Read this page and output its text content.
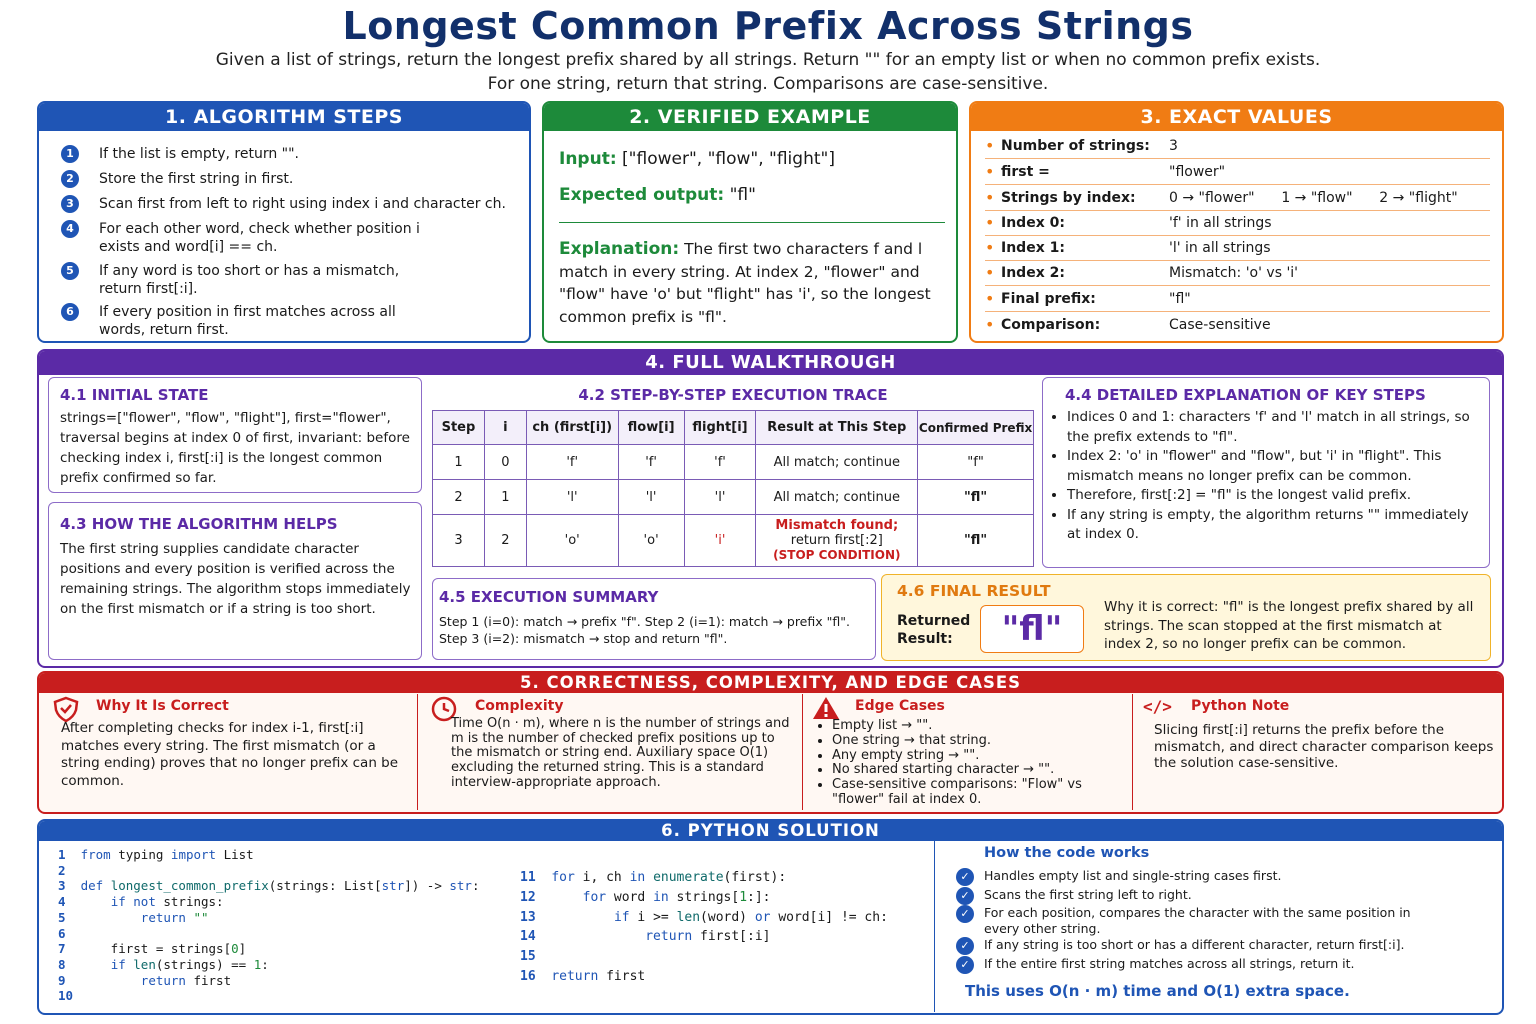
Longest Common Prefix Across Strings
Given a list of strings, return the longest prefix shared by all strings. Return "" for an empty list or when no common prefix exists.
For one string, return that string. Comparisons are case-sensitive.
1. ALGORITHM STEPS
1	If the list is empty, return "".
2	Store the first string in first.
3	Scan first from left to right using index i and character ch.
4	For each other word, check whether position i
exists and word[i] == ch.
5	If any word is too short or has a mismatch,
return first[:i].
6	If every position in first matches across all
words, return first.
2. VERIFIED EXAMPLE
Input: ["flower", "flow", "flight"]
Expected output: "fl"
Explanation: The first two characters f and l match in every string. At index 2, "flower" and "flow" have 'o' but "flight" has 'i', so the longest common prefix is "fl".
3. EXACT VALUES
• Number of strings: 3
• first =	"flower"
• Strings by index: 0 → "flower"      1 → "flow"      2 → "flight"
• Index 0:	'f' in all strings
• Index 1:	'l' in all strings
• Index 2:	Mismatch: 'o' vs 'i'
• Final prefix:	"fl"
• Comparison:	Case-sensitive
4. FULL WALKTHROUGH
4.1 INITIAL STATE
strings=["flower", "flow", "flight"], first="flower", traversal begins at index 0 of first, invariant: before checking index i, first[:i] is the longest common prefix confirmed so far.
4.3 HOW THE ALGORITHM HELPS
The first string supplies candidate character positions and every position is verified across the remaining strings. The algorithm stops immediately on the first mismatch or if a string is too short.
4.2 STEP-BY-STEP EXECUTION TRACE
Step	i	ch (first[i])	flow[i]	flight[i]	Result at This Step	Confirmed Prefix
1	0	'f'	'f'	'f'	All match; continue	"f"
2	1	'l'	'l'	'l'	All match; continue	"fl"
3	2	'o'	'o'	'i'	Mismatch found;
return first[:2]
(STOP CONDITION)	"fl"
4.4 DETAILED EXPLANATION OF KEY STEPS
• Indices 0 and 1: characters 'f' and 'l' match in all strings, so the prefix extends to "fl".
• Index 2: 'o' in "flower" and "flow", but 'i' in "flight". This mismatch means no longer prefix can be common.
• Therefore, first[:2] = "fl" is the longest valid prefix.
• If any string is empty, the algorithm returns "" immediately at index 0.
4.5 EXECUTION SUMMARY
Step 1 (i=0): match → prefix "f". Step 2 (i=1): match → prefix "fl".
Step 3 (i=2): mismatch → stop and return "fl".
4.6 FINAL RESULT
Returned
Result:	"fl"
Why it is correct: "fl" is the longest prefix shared by all strings. The scan stopped at the first mismatch at index 2, so no longer prefix can be common.
5. CORRECTNESS, COMPLEXITY, AND EDGE CASES
Why It Is Correct
After completing checks for index i-1, first[:i] matches every string. The first mismatch (or a string ending) proves that no longer prefix can be common.
Complexity
Time O(n · m), where n is the number of strings and m is the number of checked prefix positions up to the mismatch or string end. Auxiliary space O(1) excluding the returned string. This is a standard interview-appropriate approach.
Edge Cases
• Empty list → "".
• One string → that string.
• Any empty string → "".
• No shared starting character → "".
• Case-sensitive comparisons: "Flow" vs "flower" fail at index 0.
</> Python Note
Slicing first[:i] returns the prefix before the mismatch, and direct character comparison keeps the solution case-sensitive.
6. PYTHON SOLUTION
1 from typing import List
2
3 def longest_common_prefix(strings: List[str]) -> str:
4	if not strings:
5	return ""
6
7      first = strings[0]
8	if len(strings) == 1:
9	return first
10
11 for i, ch in enumerate(first):
12	for word in strings[1:]:
13	if i >= len(word) or word[i] != ch:
14	return first[:i]
15
16 return first
How the code works
✓	Handles empty list and single-string cases first.
✓	Scans the first string left to right.
✓	For each position, compares the character with the same position in every other string.
✓	If any string is too short or has a different character, return first[:i].
✓	If the entire first string matches across all strings, return it.
This uses O(n · m) time and O(1) extra space.
